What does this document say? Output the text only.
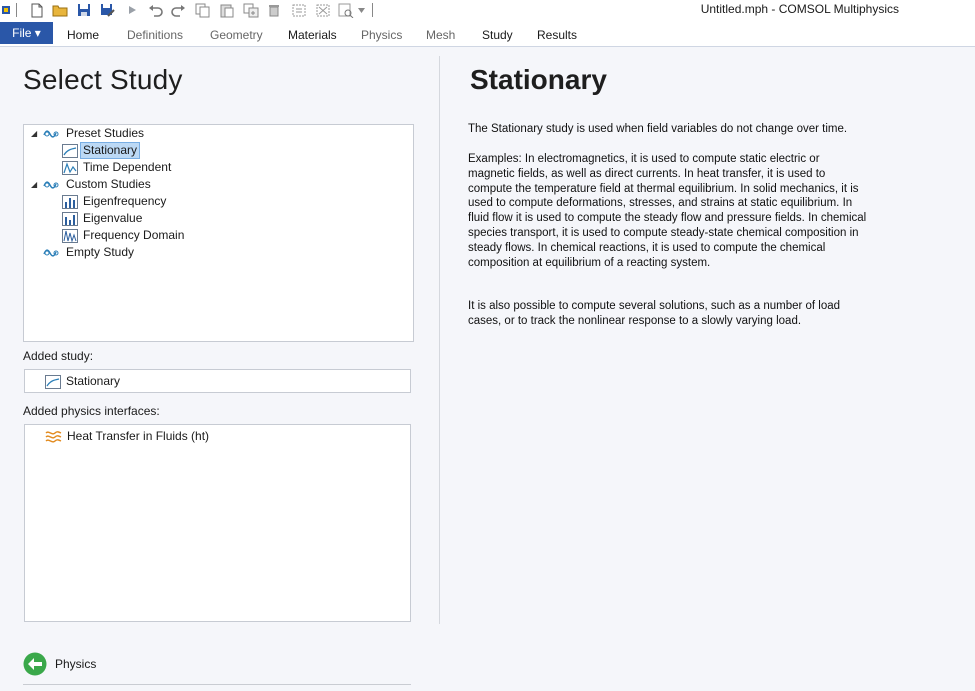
Untitled.mph - COMSOL Multiphysics
File ▾	Home Definitions Geometry Materials Physics Mesh Study Results
Select Study
◢ Preset Studies
Stationary
Time Dependent
◢ Custom Studies
Eigenfrequency
Eigenvalue
Frequency Domain
Empty Study
Added study:
Stationary
Added physics interfaces:
Heat Transfer in Fluids (ht)
Physics
Stationary

The Stationary study is used when field variables do not change over time.

Examples: In electromagnetics, it is used to compute static electric or magnetic fields, as well as direct currents. In heat transfer, it is used to compute the temperature field at thermal equilibrium. In solid mechanics, it is used to compute deformations, stresses, and strains at static equilibrium. In fluid flow it is used to compute the steady flow and pressure fields. In chemical species transport, it is used to compute steady-state chemical composition in steady flows. In chemical reactions, it is used to compute the chemical composition at equilibrium of a reacting system.

It is also possible to compute several solutions, such as a number of load cases, or to track the nonlinear response to a slowly varying load.
